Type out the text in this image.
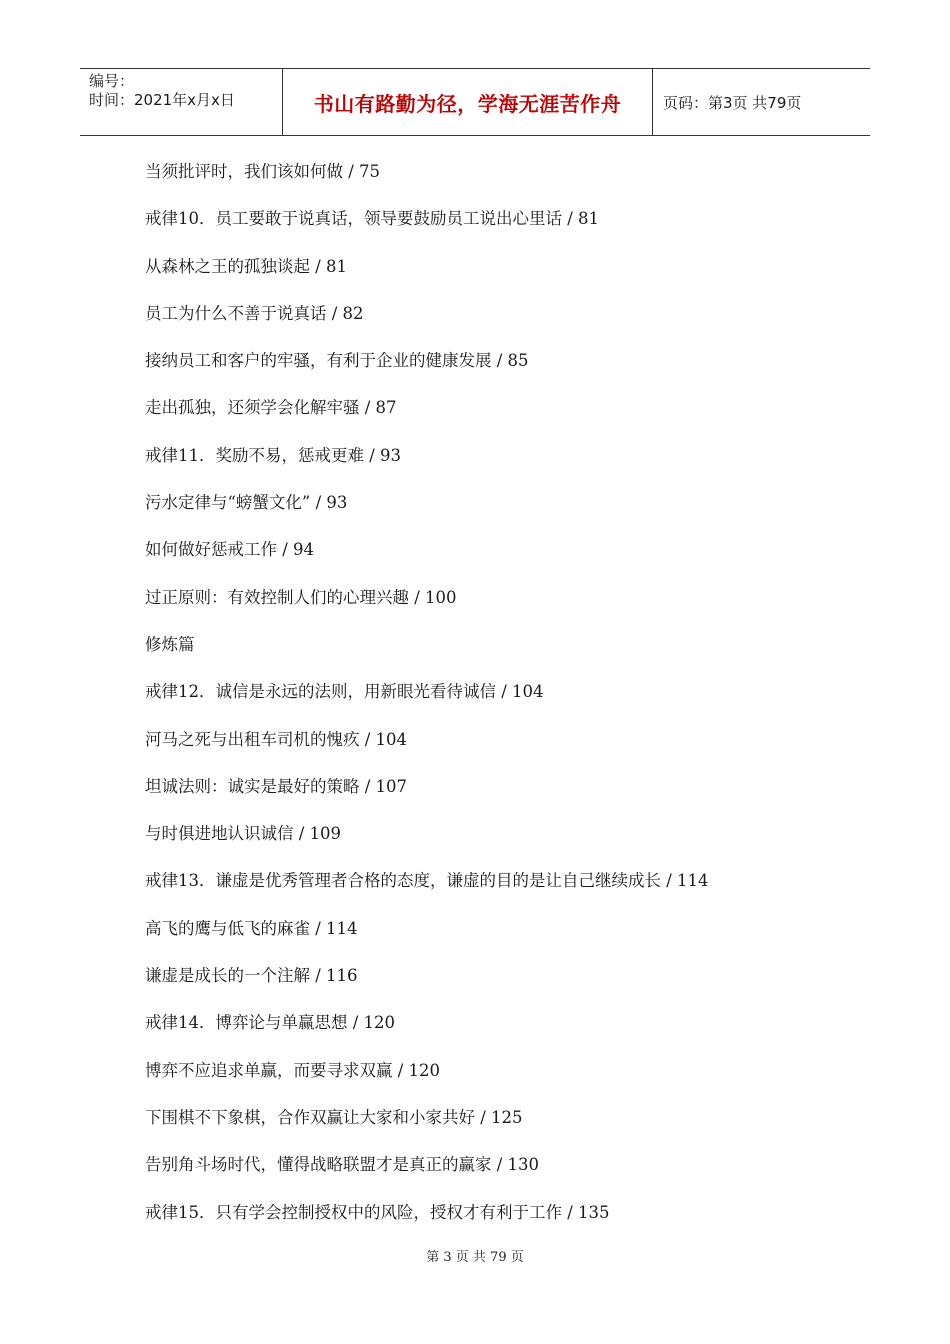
编号：
时间：2021年x月x日	书山有路勤为径，学海无涯苦作舟	页码：第3页 共79页
当须批评时，我们该如何做 / 75
戒律10．员工要敢于说真话，领导要鼓励员工说出心里话 / 81
从森林之王的孤独谈起 / 81
员工为什么不善于说真话 / 82
接纳员工和客户的牢骚，有利于企业的健康发展 / 85
走出孤独，还须学会化解牢骚 / 87
戒律11．奖励不易，惩戒更难 / 93
污水定律与“螃蟹文化” / 93
如何做好惩戒工作 / 94
过正原则：有效控制人们的心理兴趣 / 100
修炼篇
戒律12．诚信是永远的法则，用新眼光看待诚信 / 104
河马之死与出租车司机的愧疚 / 104
坦诚法则：诚实是最好的策略 / 107
与时俱进地认识诚信 / 109
戒律13．谦虚是优秀管理者合格的态度，谦虚的目的是让自己继续成长 / 114
高飞的鹰与低飞的麻雀 / 114
谦虚是成长的一个注解 / 116
戒律14．博弈论与单赢思想 / 120
博弈不应追求单赢，而要寻求双赢 / 120
下围棋不下象棋，合作双赢让大家和小家共好 / 125
告别角斗场时代，懂得战略联盟才是真正的赢家 / 130
戒律15．只有学会控制授权中的风险，授权才有利于工作 / 135
第 3 页 共 79 页
